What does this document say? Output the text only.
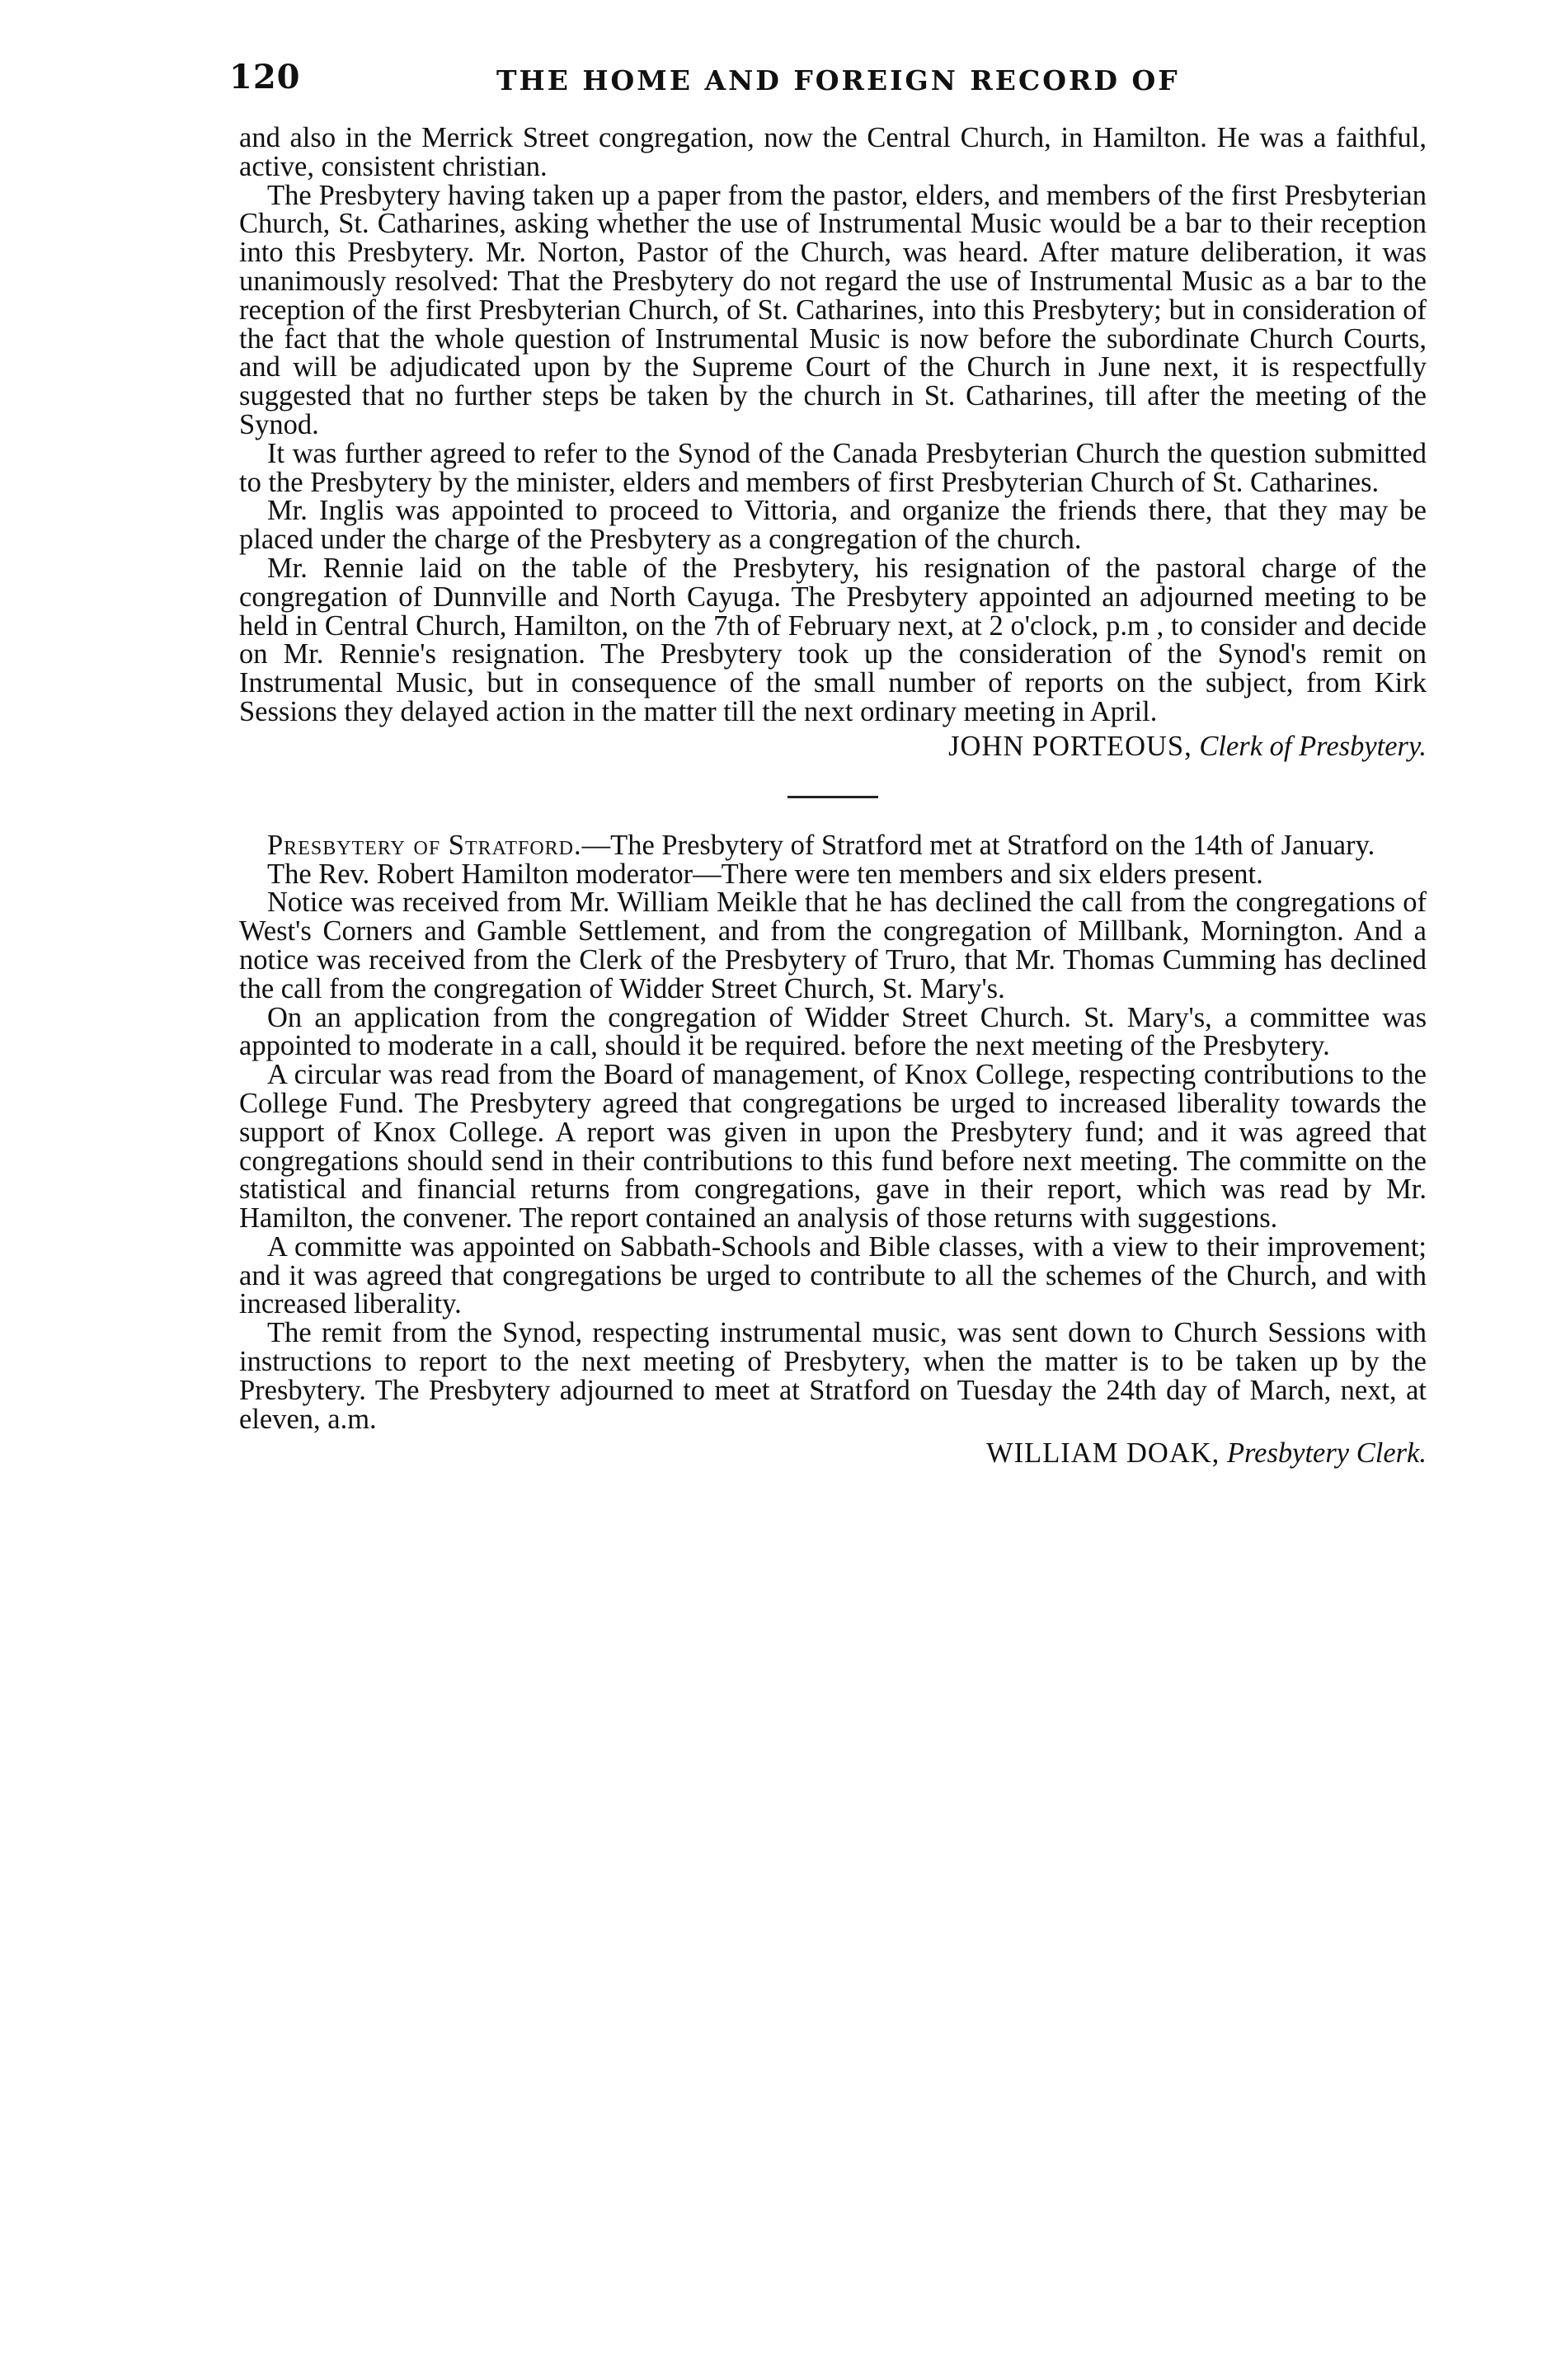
120	THE HOME AND FOREIGN RECORD OF

and also in the Merrick Street congregation, now the Central Church, in Hamilton. He was a faithful, active, consistent christian.

The Presbytery having taken up a paper from the pastor, elders, and members of the first Presbyterian Church, St. Catharines, asking whether the use of Instrumental Music would be a bar to their reception into this Presbytery. Mr. Norton, Pastor of the Church, was heard. After mature deliberation, it was unanimously resolved: That the Presbytery do not regard the use of Instrumental Music as a bar to the reception of the first Presbyterian Church, of St. Catharines, into this Presbytery; but in consideration of the fact that the whole question of Instrumental Music is now before the subordinate Church Courts, and will be adjudicated upon by the Supreme Court of the Church in June next, it is respectfully suggested that no further steps be taken by the church in St. Catharines, till after the meeting of the Synod.

It was further agreed to refer to the Synod of the Canada Presbyterian Church the question submitted to the Presbytery by the minister, elders and members of first Presbyterian Church of St. Catharines.

Mr. Inglis was appointed to proceed to Vittoria, and organize the friends there, that they may be placed under the charge of the Presbytery as a congregation of the church.

Mr. Rennie laid on the table of the Presbytery, his resignation of the pastoral charge of the congregation of Dunnville and North Cayuga. The Presbytery appointed an adjourned meeting to be held in Central Church, Hamilton, on the 7th of February next, at 2 o'clock, p.m , to consider and decide on Mr. Rennie's resignation. The Presbytery took up the consideration of the Synod's remit on Instrumental Music, but in consequence of the small number of reports on the subject, from Kirk Sessions they delayed action in the matter till the next ordinary meeting in April.

JOHN PORTEOUS, Clerk of Presbytery.

Presbytery of Stratford.—The Presbytery of Stratford met at Stratford on the 14th of January.

The Rev. Robert Hamilton moderator—There were ten members and six elders present.

Notice was received from Mr. William Meikle that he has declined the call from the congregations of West's Corners and Gamble Settlement, and from the congregation of Millbank, Mornington. And a notice was received from the Clerk of the Presbytery of Truro, that Mr. Thomas Cumming has declined the call from the congregation of Widder Street Church, St. Mary's.

On an application from the congregation of Widder Street Church. St. Mary's, a committee was appointed to moderate in a call, should it be required. before the next meeting of the Presbytery.

A circular was read from the Board of management, of Knox College, respecting contributions to the College Fund. The Presbytery agreed that congregations be urged to increased liberality towards the support of Knox College. A report was given in upon the Presbytery fund; and it was agreed that congregations should send in their contributions to this fund before next meeting. The committe on the statistical and financial returns from congregations, gave in their report, which was read by Mr. Hamilton, the convener. The report contained an analysis of those returns with suggestions.

A committe was appointed on Sabbath-Schools and Bible classes, with a view to their improvement; and it was agreed that congregations be urged to contribute to all the schemes of the Church, and with increased liberality.

The remit from the Synod, respecting instrumental music, was sent down to Church Sessions with instructions to report to the next meeting of Presbytery, when the matter is to be taken up by the Presbytery. The Presbytery adjourned to meet at Stratford on Tuesday the 24th day of March, next, at eleven, a.m.

WILLIAM DOAK, Presbytery Clerk.
